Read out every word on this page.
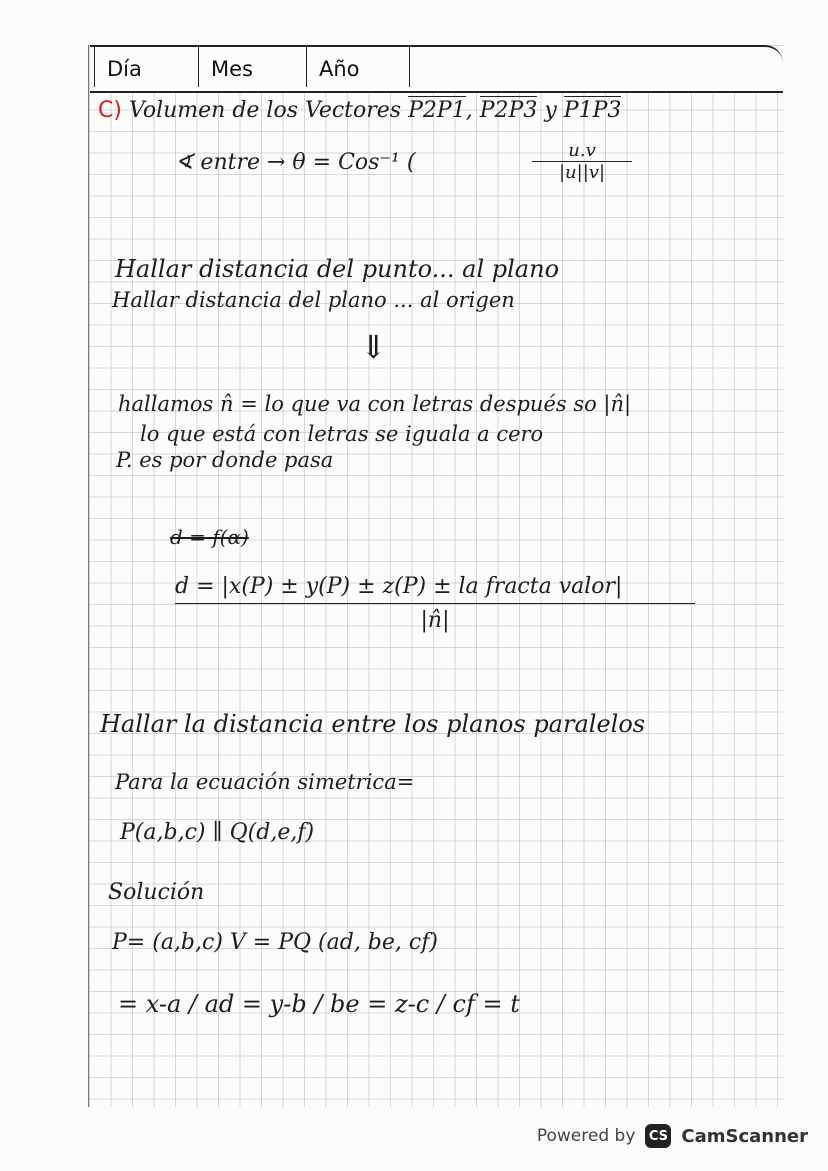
Día	Mes	Año
C) Volumen de los Vectores P2P1, P2P3 y P1P3
∢ entre → θ = Cos⁻¹ (	$\frac{u.v}{|u||v|}$
Hallar distancia del punto... al plano
Hallar distancia del plano ... al origen
⇓
hallamos n̂ = lo que va con letras después so |n̂|
lo que está con letras se iguala a cero
P. es por donde pasa
d = f(α)
d = |x(P) ± y(P) ± z(P) ± la fracta valor|
|n̂|
Hallar la distancia entre los planos paralelos
Para la ecuación simetrica=
P(a,b,c) ∥ Q(d,e,f)
Solución
P= (a,b,c) V = PQ (ad, be, cf)
= x-a / ad = y-b / be = z-c / cf = t
Powered by CS CamScanner
